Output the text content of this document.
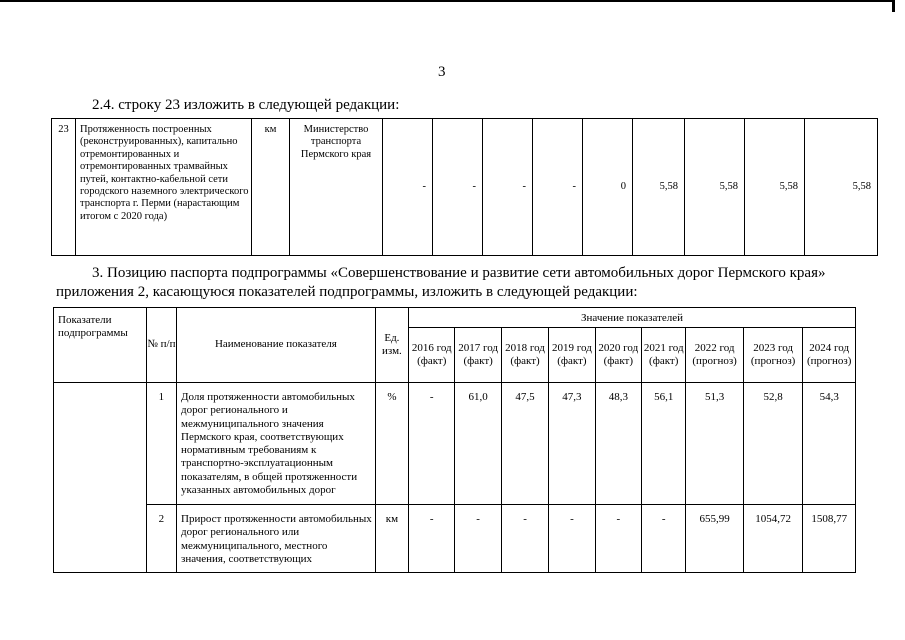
3
2.4. строку 23 изложить в следующей редакции:
23	Протяженность построенных (реконструированных), капитально отремонтированных и отремонтированных трамвайных путей, контактно-кабельной сети городского наземного электрического транспорта г. Перми (нарастающим итогом с 2020 года)	км	Министерство транспорта Пермского края	-	-	-	-	0	5,58	5,58	5,58	5,58
3. Позицию паспорта подпрограммы «Совершенствование и развитие сети автомобильных дорог Пермского края»
приложения 2, касающуюся показателей подпрограммы, изложить в следующей редакции:
Показатели подпрограммы	№ п/п	Наименование показателя	Ед. изм.	Значение показателей								
				2016 год (факт)	2017 год (факт)	2018 год (факт)	2019 год (факт)	2020 год (факт)	2021 год (факт)	2022 год (прогноз)	2023 год (прогноз)	2024 год (прогноз)
	1	Доля протяженности автомобильных дорог регионального и межмуниципального значения Пермского края, соответствующих нормативным требованиям к транспортно-эксплуатационным показателям, в общей протяженности указанных автомобильных дорог	%	-	61,0	47,5	47,3	48,3	56,1	51,3	52,8	54,3
	2	Прирост протяженности автомобильных дорог регионального или межмуниципального, местного значения, соответствующих	км	-	-	-	-	-	-	655,99	1054,72	1508,77
